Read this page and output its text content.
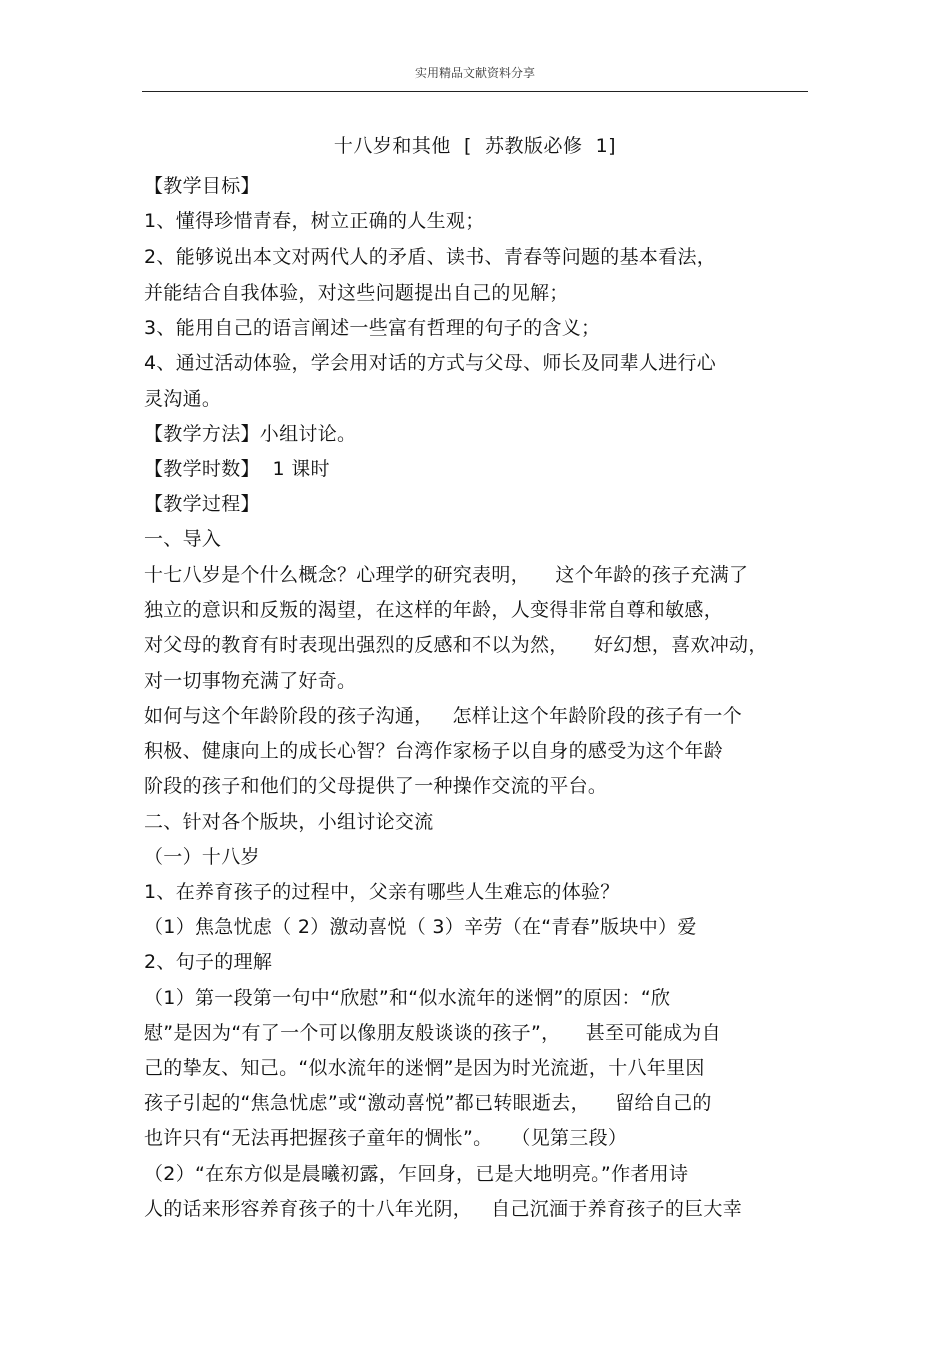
实用精品文献资料分享
十八岁和其他  [  苏教版必修  1]
【教学目标】
1、懂得珍惜青春，树立正确的人生观；
2、能够说出本文对两代人的矛盾、读书、青春等问题的基本看法，
并能结合自我体验，对这些问题提出自己的见解；
3、能用自己的语言阐述一些富有哲理的句子的含义；
4、通过活动体验，学会用对话的方式与父母、师长及同辈人进行心
灵沟通。
【教学方法】小组讨论。
【教学时数】  1 课时
【教学过程】
一、导入
十七八岁是个什么概念？心理学的研究表明，    这个年龄的孩子充满了
独立的意识和反叛的渴望，在这样的年龄，人变得非常自尊和敏感，
对父母的教育有时表现出强烈的反感和不以为然，    好幻想，喜欢冲动，
对一切事物充满了好奇。
如何与这个年龄阶段的孩子沟通，   怎样让这个年龄阶段的孩子有一个
积极、健康向上的成长心智？台湾作家杨子以自身的感受为这个年龄
阶段的孩子和他们的父母提供了一种操作交流的平台。
二、针对各个版块，小组讨论交流
（一）十八岁
1、在养育孩子的过程中，父亲有哪些人生难忘的体验？
（1）焦急忧虑（ 2）激动喜悦（ 3）辛劳（在“青春”版块中）爱
2、句子的理解
（1）第一段第一句中“欣慰”和“似水流年的迷惘”的原因：“欣
慰”是因为“有了一个可以像朋友般谈谈的孩子”，    甚至可能成为自
己的挚友、知己。“似水流年的迷惘”是因为时光流逝，十八年里因
孩子引起的“焦急忧虑”或“激动喜悦”都已转眼逝去，    留给自己的
也许只有“无法再把握孩子童年的惆怅”。   （见第三段）
（2）“在东方似是晨曦初露，乍回身，已是大地明亮。”作者用诗
人的话来形容养育孩子的十八年光阴，   自己沉湎于养育孩子的巨大幸
